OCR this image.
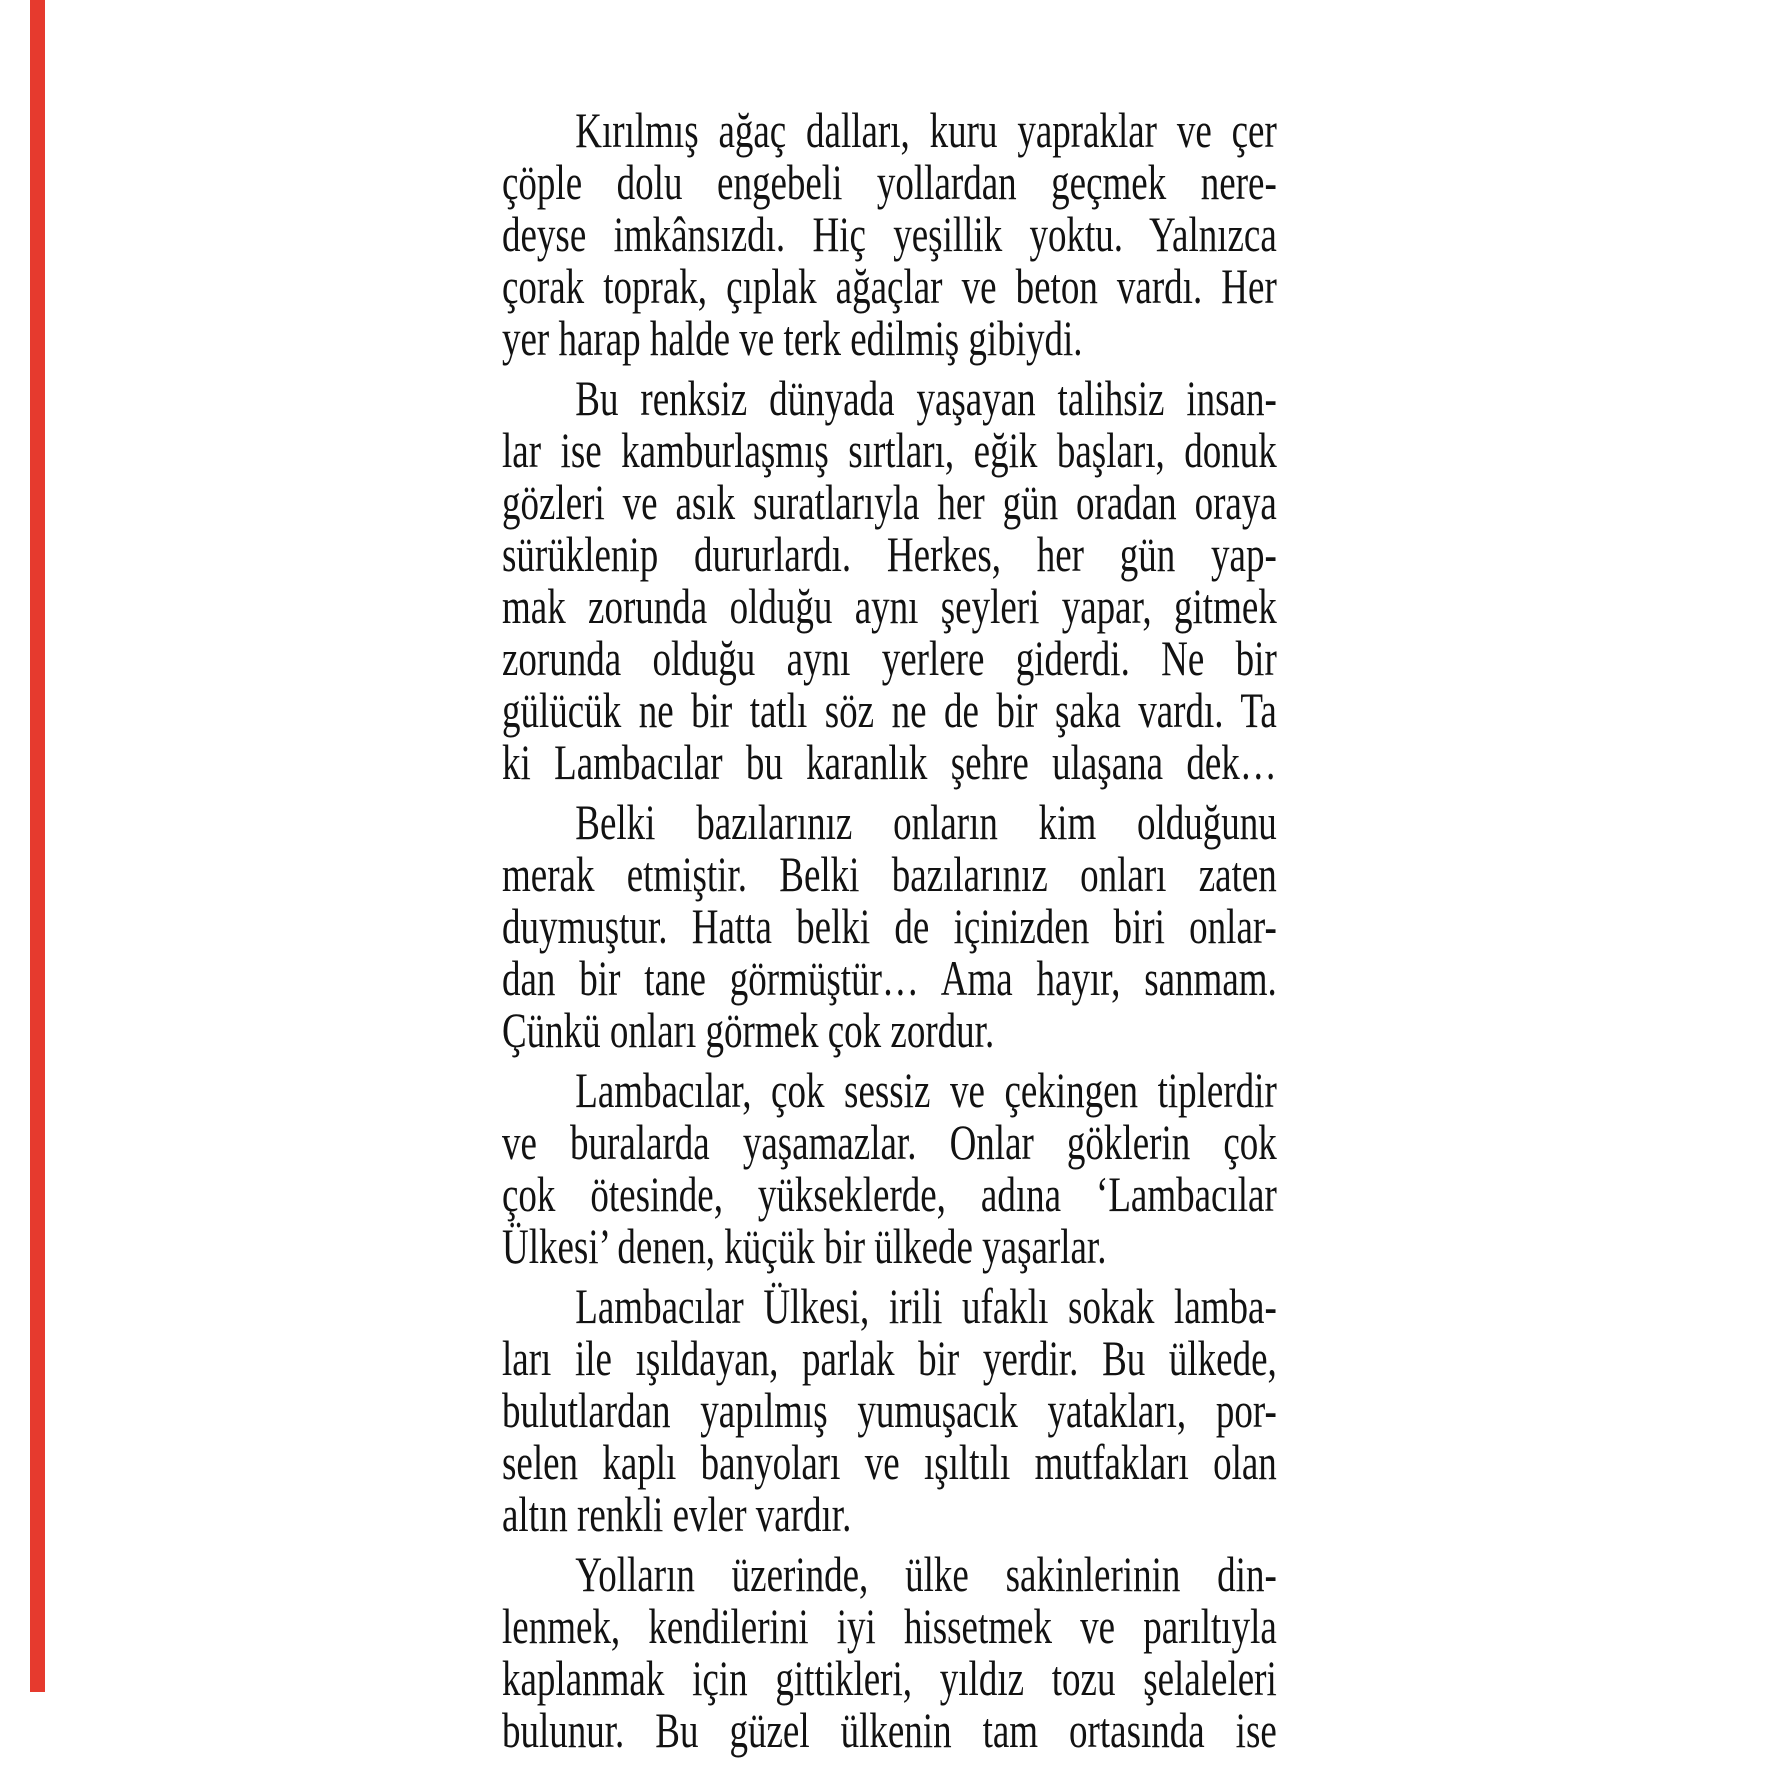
Kırılmış ağaç dalları, kuru yapraklar ve çer
çöple dolu engebeli yollardan geçmek nere-
deyse imkânsızdı. Hiç yeşillik yoktu. Yalnızca
çorak toprak, çıplak ağaçlar ve beton vardı. Her
yer harap halde ve terk edilmiş gibiydi.
Bu renksiz dünyada yaşayan talihsiz insan-
lar ise kamburlaşmış sırtları, eğik başları, donuk
gözleri ve asık suratlarıyla her gün oradan oraya
sürüklenip dururlardı. Herkes, her gün yap-
mak zorunda olduğu aynı şeyleri yapar, gitmek
zorunda olduğu aynı yerlere giderdi. Ne bir
gülücük ne bir tatlı söz ne de bir şaka vardı. Ta
ki Lambacılar bu karanlık şehre ulaşana dek…
Belki bazılarınız onların kim olduğunu
merak etmiştir. Belki bazılarınız onları zaten
duymuştur. Hatta belki de içinizden biri onlar-
dan bir tane görmüştür… Ama hayır, sanmam.
Çünkü onları görmek çok zordur.
Lambacılar, çok sessiz ve çekingen tiplerdir
ve buralarda yaşamazlar. Onlar göklerin çok
çok ötesinde, yükseklerde, adına ‘Lambacılar
Ülkesi’ denen, küçük bir ülkede yaşarlar.
Lambacılar Ülkesi, irili ufaklı sokak lamba-
ları ile ışıldayan, parlak bir yerdir. Bu ülkede,
bulutlardan yapılmış yumuşacık yatakları, por-
selen kaplı banyoları ve ışıltılı mutfakları olan
altın renkli evler vardır.
Yolların üzerinde, ülke sakinlerinin din-
lenmek, kendilerini iyi hissetmek ve parıltıyla
kaplanmak için gittikleri, yıldız tozu şelaleleri
bulunur. Bu güzel ülkenin tam ortasında ise
